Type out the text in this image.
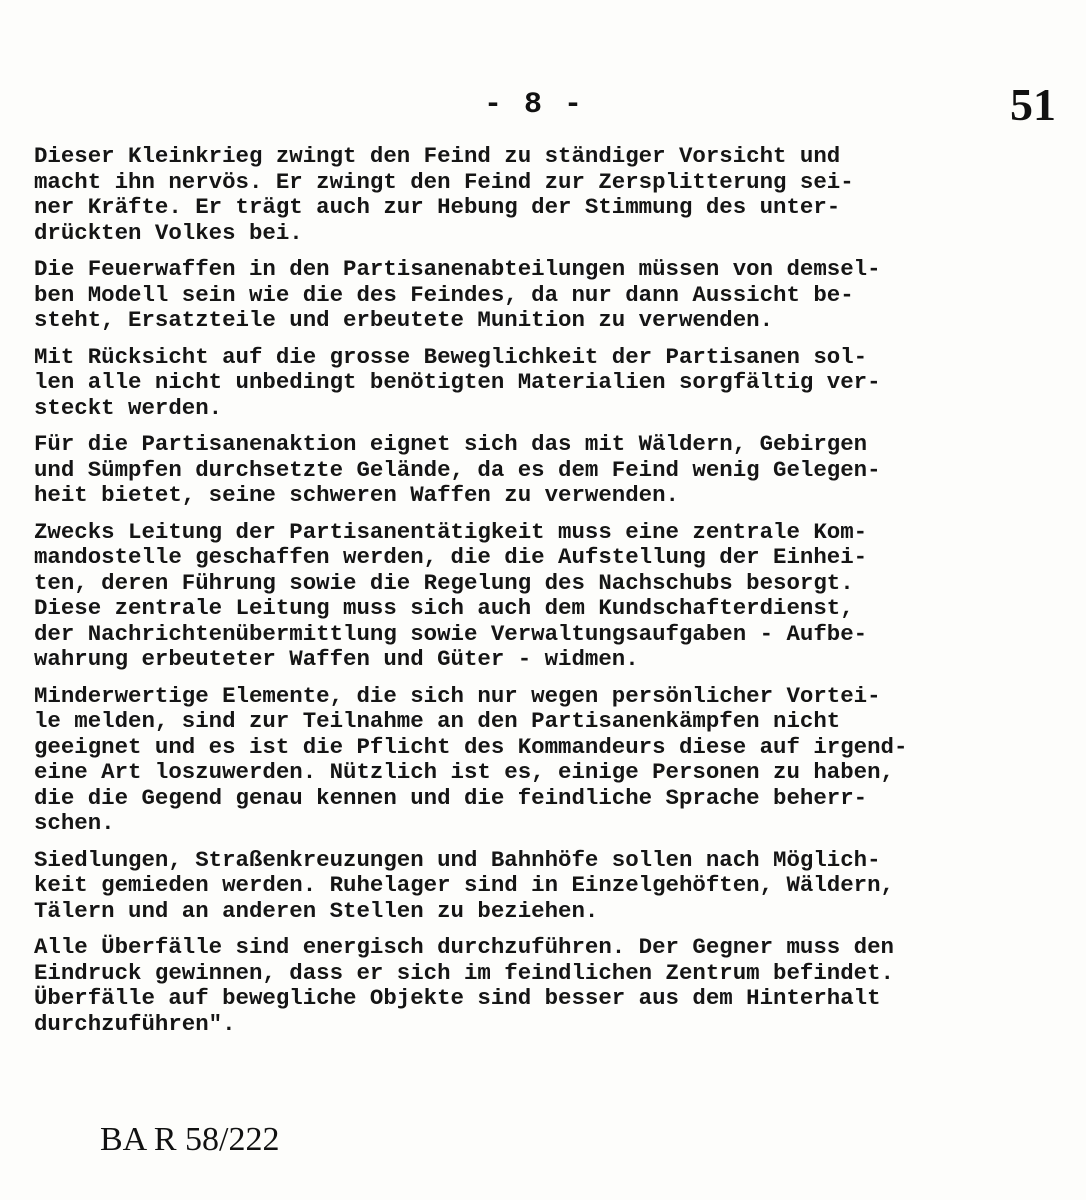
- 8 -	51
Dieser Kleinkrieg zwingt den Feind zu ständiger Vorsicht und
macht ihn nervös. Er zwingt den Feind zur Zersplitterung sei-
ner Kräfte. Er trägt auch zur Hebung der Stimmung des unter-
drückten Volkes bei.
Die Feuerwaffen in den Partisanenabteilungen müssen von demsel-
ben Modell sein wie die des Feindes, da nur dann Aussicht be-
steht, Ersatzteile und erbeutete Munition zu verwenden.
Mit Rücksicht auf die grosse Beweglichkeit der Partisanen sol-
len alle nicht unbedingt benötigten Materialien sorgfältig ver-
steckt werden.
Für die Partisanenaktion eignet sich das mit Wäldern, Gebirgen
und Sümpfen durchsetzte Gelände, da es dem Feind wenig Gelegen-
heit bietet, seine schweren Waffen zu verwenden.
Zwecks Leitung der Partisanentätigkeit muss eine zentrale Kom-
mandostelle geschaffen werden, die die Aufstellung der Einhei-
ten, deren Führung sowie die Regelung des Nachschubs besorgt.
Diese zentrale Leitung muss sich auch dem Kundschafterdienst,
der Nachrichtenübermittlung sowie Verwaltungsaufgaben - Aufbe-
wahrung erbeuteter Waffen und Güter - widmen.
Minderwertige Elemente, die sich nur wegen persönlicher Vortei-
le melden, sind zur Teilnahme an den Partisanenkämpfen nicht
geeignet und es ist die Pflicht des Kommandeurs diese auf irgend-
eine Art loszuwerden. Nützlich ist es, einige Personen zu haben,
die die Gegend genau kennen und die feindliche Sprache beherr-
schen.
Siedlungen, Straßenkreuzungen und Bahnhöfe sollen nach Möglich-
keit gemieden werden. Ruhelager sind in Einzelgehöften, Wäldern,
Tälern und an anderen Stellen zu beziehen.
Alle Überfälle sind energisch durchzuführen. Der Gegner muss den
Eindruck gewinnen, dass er sich im feindlichen Zentrum befindet.
Überfälle auf bewegliche Objekte sind besser aus dem Hinterhalt
durchzuführen".
BA R 58/222
